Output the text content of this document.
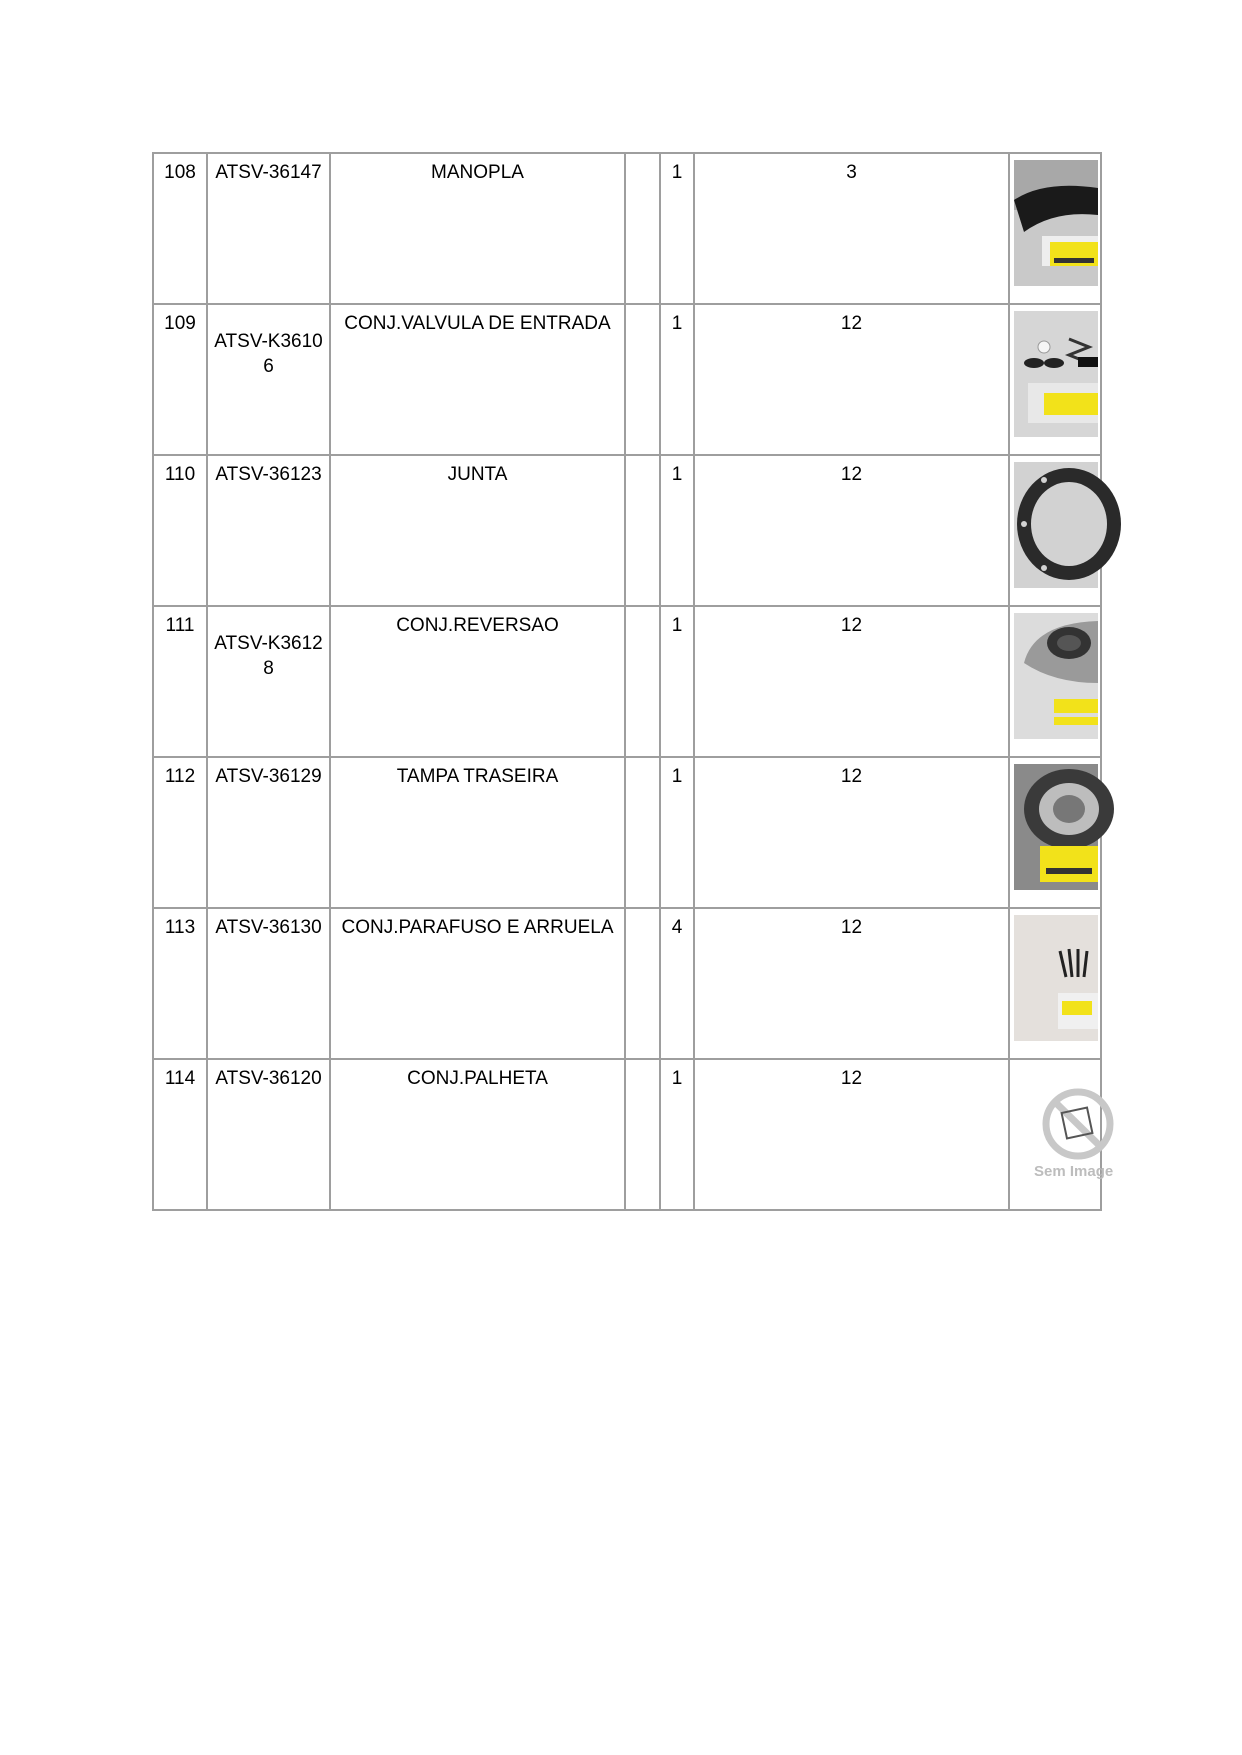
108	ATSV-36147	MANOPLA		1	3	

109	ATSV-K36106	CONJ.VALVULA DE ENTRADA		1	12	

110	ATSV-36123	JUNTA		1	12	

111	ATSV-K36128	CONJ.REVERSAO		1	12	

112	ATSV-36129	TAMPA TRASEIRA		1	12	

113	ATSV-36130	CONJ.PARAFUSO E ARRUELA		4	12	

114	ATSV-36120	CONJ.PALHETA		1	12	Sem Image
